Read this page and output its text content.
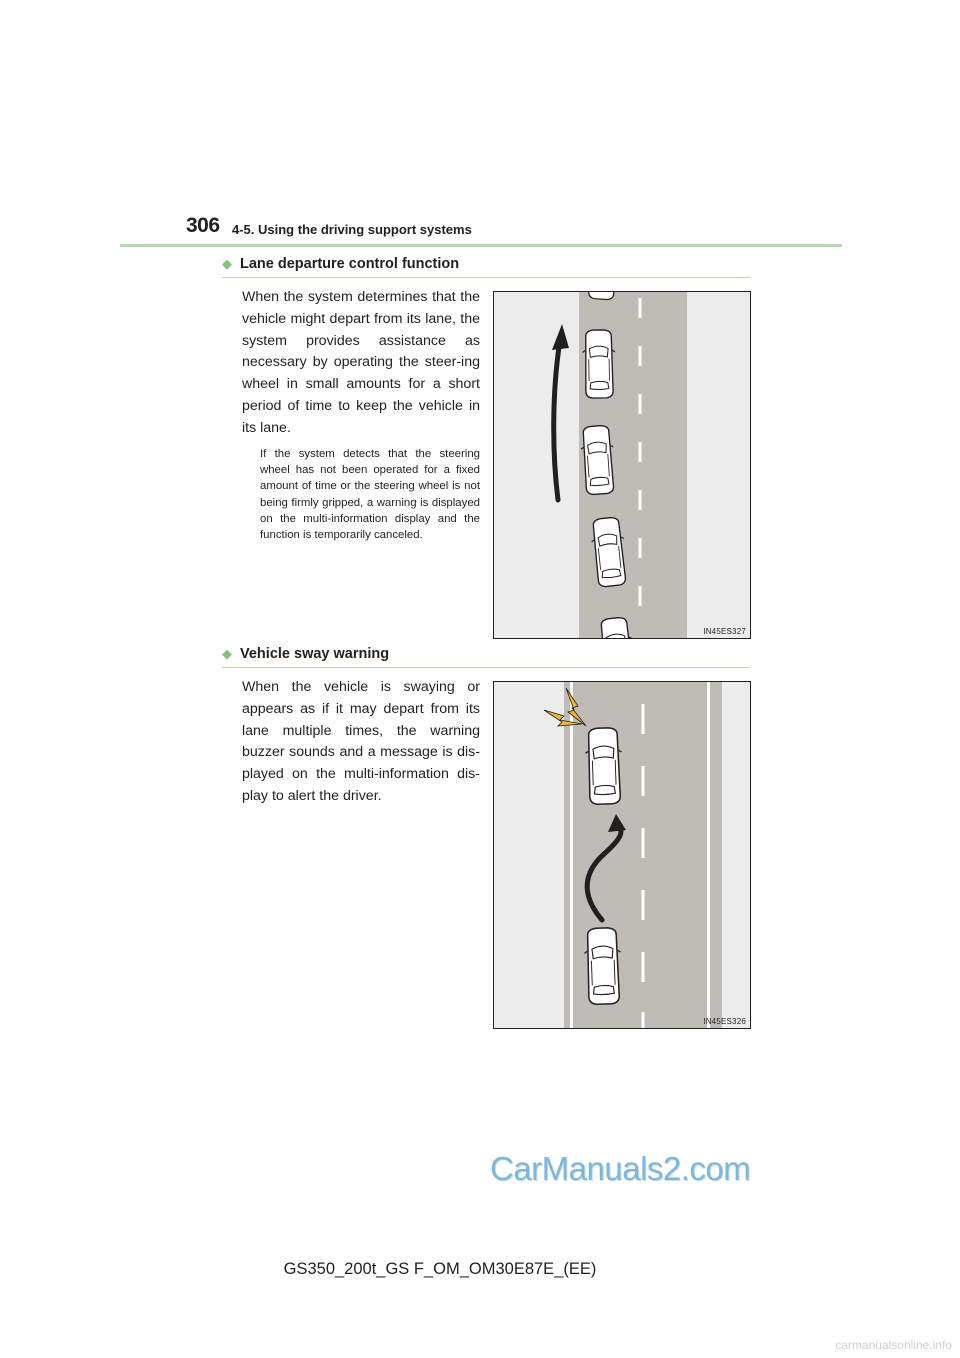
306 4-5. Using the driving support systems
◆ Lane departure control function
When the system determines that the vehicle might depart from its lane, the system provides assistance as necessary by operating the steer-ing wheel in small amounts for a short period of time to keep the vehicle in its lane.
If the system detects that the steering wheel has not been operated for a fixed amount of time or the steering wheel is not being firmly gripped, a warning is displayed on the multi-information display and the function is temporarily canceled.
IN45ES327
◆ Vehicle sway warning
When the vehicle is swaying or appears as if it may depart from its lane multiple times, the warning buzzer sounds and a message is dis-played on the multi-information dis-play to alert the driver.
IN45ES326
CarManuals2.com
GS350_200t_GS F_OM_OM30E87E_(EE)
carmanualsonline.info
